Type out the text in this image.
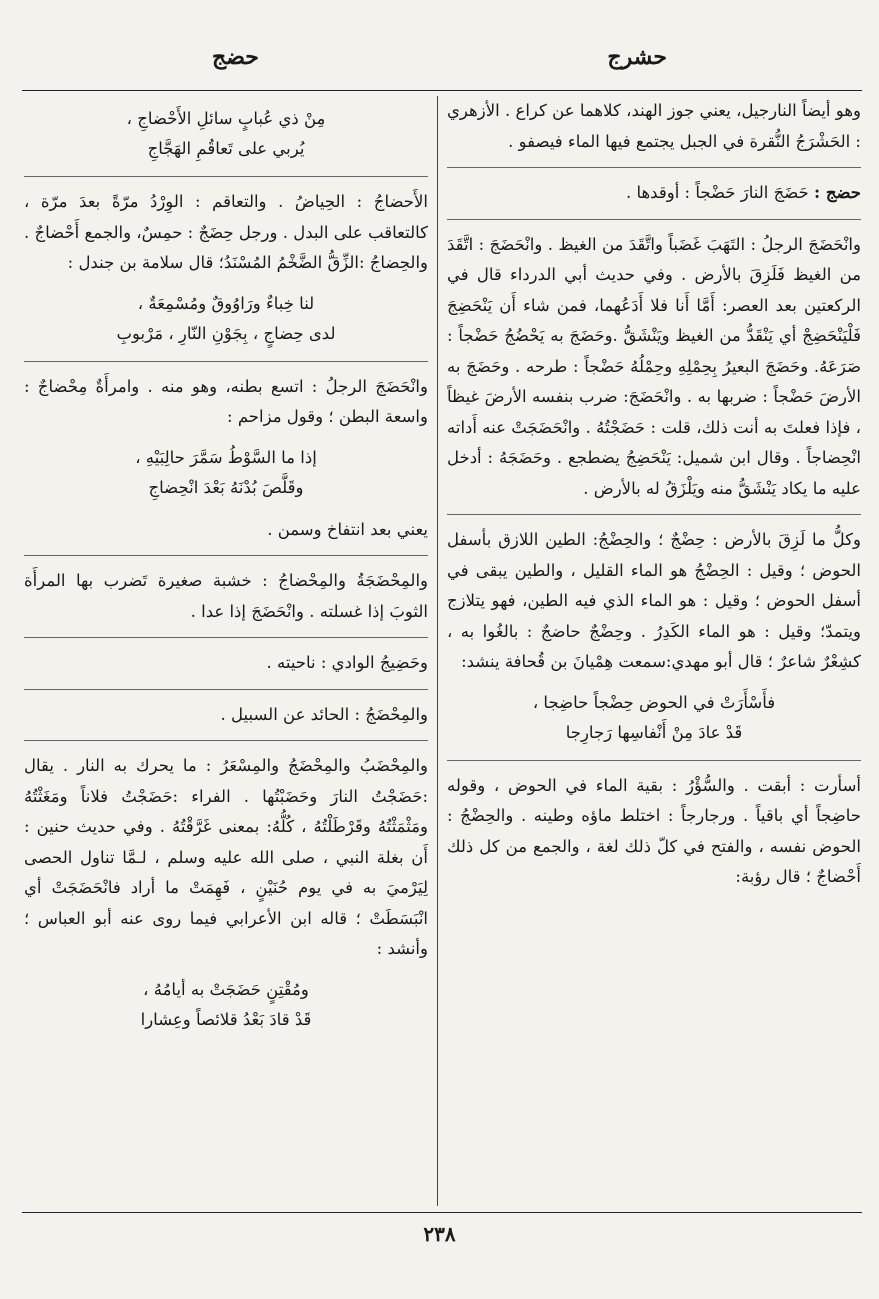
حشرج
حضج

وهو أيضاً النارجيل، يعني جوز الهند، كلاهما عن كراع . الأزهري : الحَشْرَجُ النُّقرة في الجبل يجتمع فيها الماء فيصفو .

حضج : حَضَجَ النارَ حَضْجاً : أوقدها .

وانْحَضَجَ الرجلُ : التَهَبَ غَضَباً واتَّقَدَ من الغيظ . وانْحَضَجَ : اتَّقَدَ من الغيظ فَلَزِقَ بالأرض . وفي حديث أبي الدرداء قال في الركعتين بعد العصر: أَمَّا أَنا فلا أَدَعُهما، فمن شاء أَن يَنْحَضِجَ فَلْيَنْحَضِجْ أي يَنْقَدُّ من الغيظ ويَنْشَقُّ .وحَضَجَ به يَحْضُجُ حَضْجاً : صَرَعَهُ. وحَضَجَ البعيرُ بِحِمْلِهِ وحِمْلُهُ حَضْجاً : طرحه . وحَضَجَ به الأرضَ حَضْجاً : ضربها به . وانْحَضَجَ: ضرب بنفسه الأرضَ غيظاً ، فإذا فعلتَ به أنت ذلك، قلت : حَضَجْتُهُ . وانْحَضَجَتْ عنه أَداته انْحِضاجاً . وقال ابن شميل: يَنْحَضِجُ يضطجع . وحَضَجَهُ : أدخل عليه ما يكاد يَنْشَقُّ منه ويَلْزَقُ له بالأرض .

وكلُّ ما لَزِقَ بالأرض : حِضْجٌ ؛ والحِضْجُ: الطين اللازق بأسفل الحوض ؛ وقيل : الحِضْجُ هو الماء القليل ، والطين يبقى في أسفل الحوض ؛ وقيل : هو الماء الذي فيه الطين، فهو يتلازج ويتمدّ؛ وقيل : هو الماء الكَدِرُ . وحِضْجٌ حاضجٌ : بالغُوا به ، كشِعْرٌ شاعرٌ ؛ قال أبو مهدي:سمعت هِمْيانَ بن قُحافة ينشد:

فأَسْأَرَتْ في الحوض حِضْجاً حاضِجا ،
قَدْ عادَ مِنْ أَنْفاسِها رَجارِجا

أسأرت : أبقت . والسُّؤْرُ : بقية الماء في الحوض ، وقوله حاضِجاً أي باقياً . ورجارجاً : اختلط ماؤه وطينه . والحِضْجُ : الحوض نفسه ، والفتح في كلّ ذلك لغة ، والجمع من كل ذلك أَحْضاجٌ ؛ قال رؤبة:

مِنْ ذي عُبابٍ سائلِ الأَحْضاجِ ،
يُربي على تَعاقُمِ الهَجَّاجِ

الأَحضاجُ : الحِياضُ . والتعاقم : الوِرْدُ مرّةً بعدَ مرّة ، كالتعاقب على البدل . ورجل حِضَجٌ : حمِسٌ، والجمع أَحْضاجٌ . والحِضاجُ :الزِّقُّ الضَّخْمُ المُسْنَدُ؛ قال سلامة بن جندل :

لنا خِباءٌ ورَاوُوقٌ ومُسْمِعَةٌ ،
لدى حِضاجٍ ، بِجَوْنِ النّارِ ، مَرْبوبِ

وانْحَضَجَ الرجلُ : اتسع بطنه، وهو منه . وامرأَةٌ مِحْضاجٌ : واسعة البطن ؛ وقول مزاحم :

إذا ما السَّوْطُ سَمَّرَ حالِبَيْهِ ،
وقَلَّصَ بُدْنَهُ بَعْدَ انْحِضاجِ

يعني بعد انتفاخ وسمن .

والمِحْضَجَةُ والمِحْضاجُ : خشبة صغيرة تَضرب بها المرأَة الثوبَ إذا غسلته . وانْحَضَجَ إذا عدا .

وحَضِيجُ الوادي : ناحيته .

والمِحْضَجُ : الحائد عن السبيل .

والمِحْضَبُ والمِحْضَجُ والمِسْعَرُ : ما يحرك به النار . يقال :حَضَجْتُ النارَ وحَضَبْتُها . الفراء :حَضَجْتُ فلاناً ومَغَثْتُهُ ومَثْمَثْتُهُ وقَرْطَلْتُهُ ، كُلُّهُ: بمعنى غَرَّقْتُهُ . وفي حديث حنين : أَن بغلة النبي ، صلى الله عليه وسلم ، لـمَّا تناول الحصى لِيَرْميَ به في يوم حُنَيْنٍ ، فَهِمَتْ ما أراد فانْحَضَجَتْ أي انْبَسَطَتْ ؛ قاله ابن الأعرابي فيما روى عنه أبو العباس ؛ وأنشد :

ومُقْتِنٍ حَضَجَتْ به أيامُهُ ،
قَدْ قادَ بَعْدُ قلائصاً وعِشارا
٢٣٨
